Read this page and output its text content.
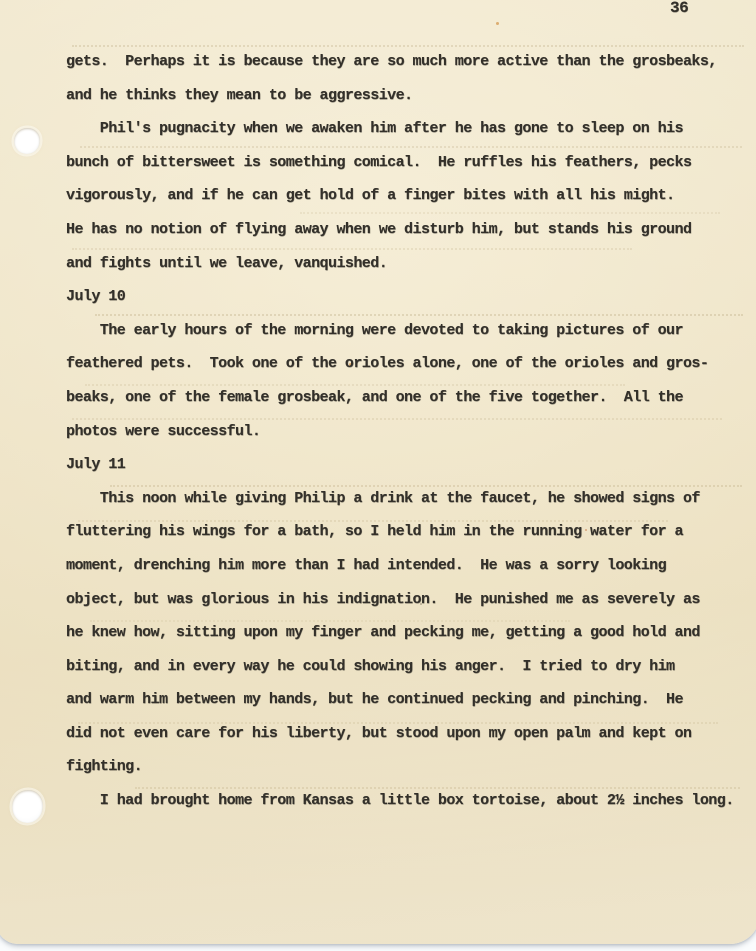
36
gets.  Perhaps it is because they are so much more active than the grosbeaks,
and he thinks they mean to be aggressive.
Phil's pugnacity when we awaken him after he has gone to sleep on his
bunch of bittersweet is something comical.  He ruffles his feathers, pecks
vigorously, and if he can get hold of a finger bites with all his might.
He has no notion of flying away when we disturb him, but stands his ground
and fights until we leave, vanquished.
July 10
The early hours of the morning were devoted to taking pictures of our
feathered pets.  Took one of the orioles alone, one of the orioles and gros-
beaks, one of the female grosbeak, and one of the five together.  All the
photos were successful.
July 11
This noon while giving Philip a drink at the faucet, he showed signs of
fluttering his wings for a bath, so I held him in the running water for a
moment, drenching him more than I had intended.  He was a sorry looking
object, but was glorious in his indignation.  He punished me as severely as
he knew how, sitting upon my finger and pecking me, getting a good hold and
biting, and in every way he could showing his anger.  I tried to dry him
and warm him between my hands, but he continued pecking and pinching.  He
did not even care for his liberty, but stood upon my open palm and kept on
fighting.
I had brought home from Kansas a little box tortoise, about 2½ inches long.
